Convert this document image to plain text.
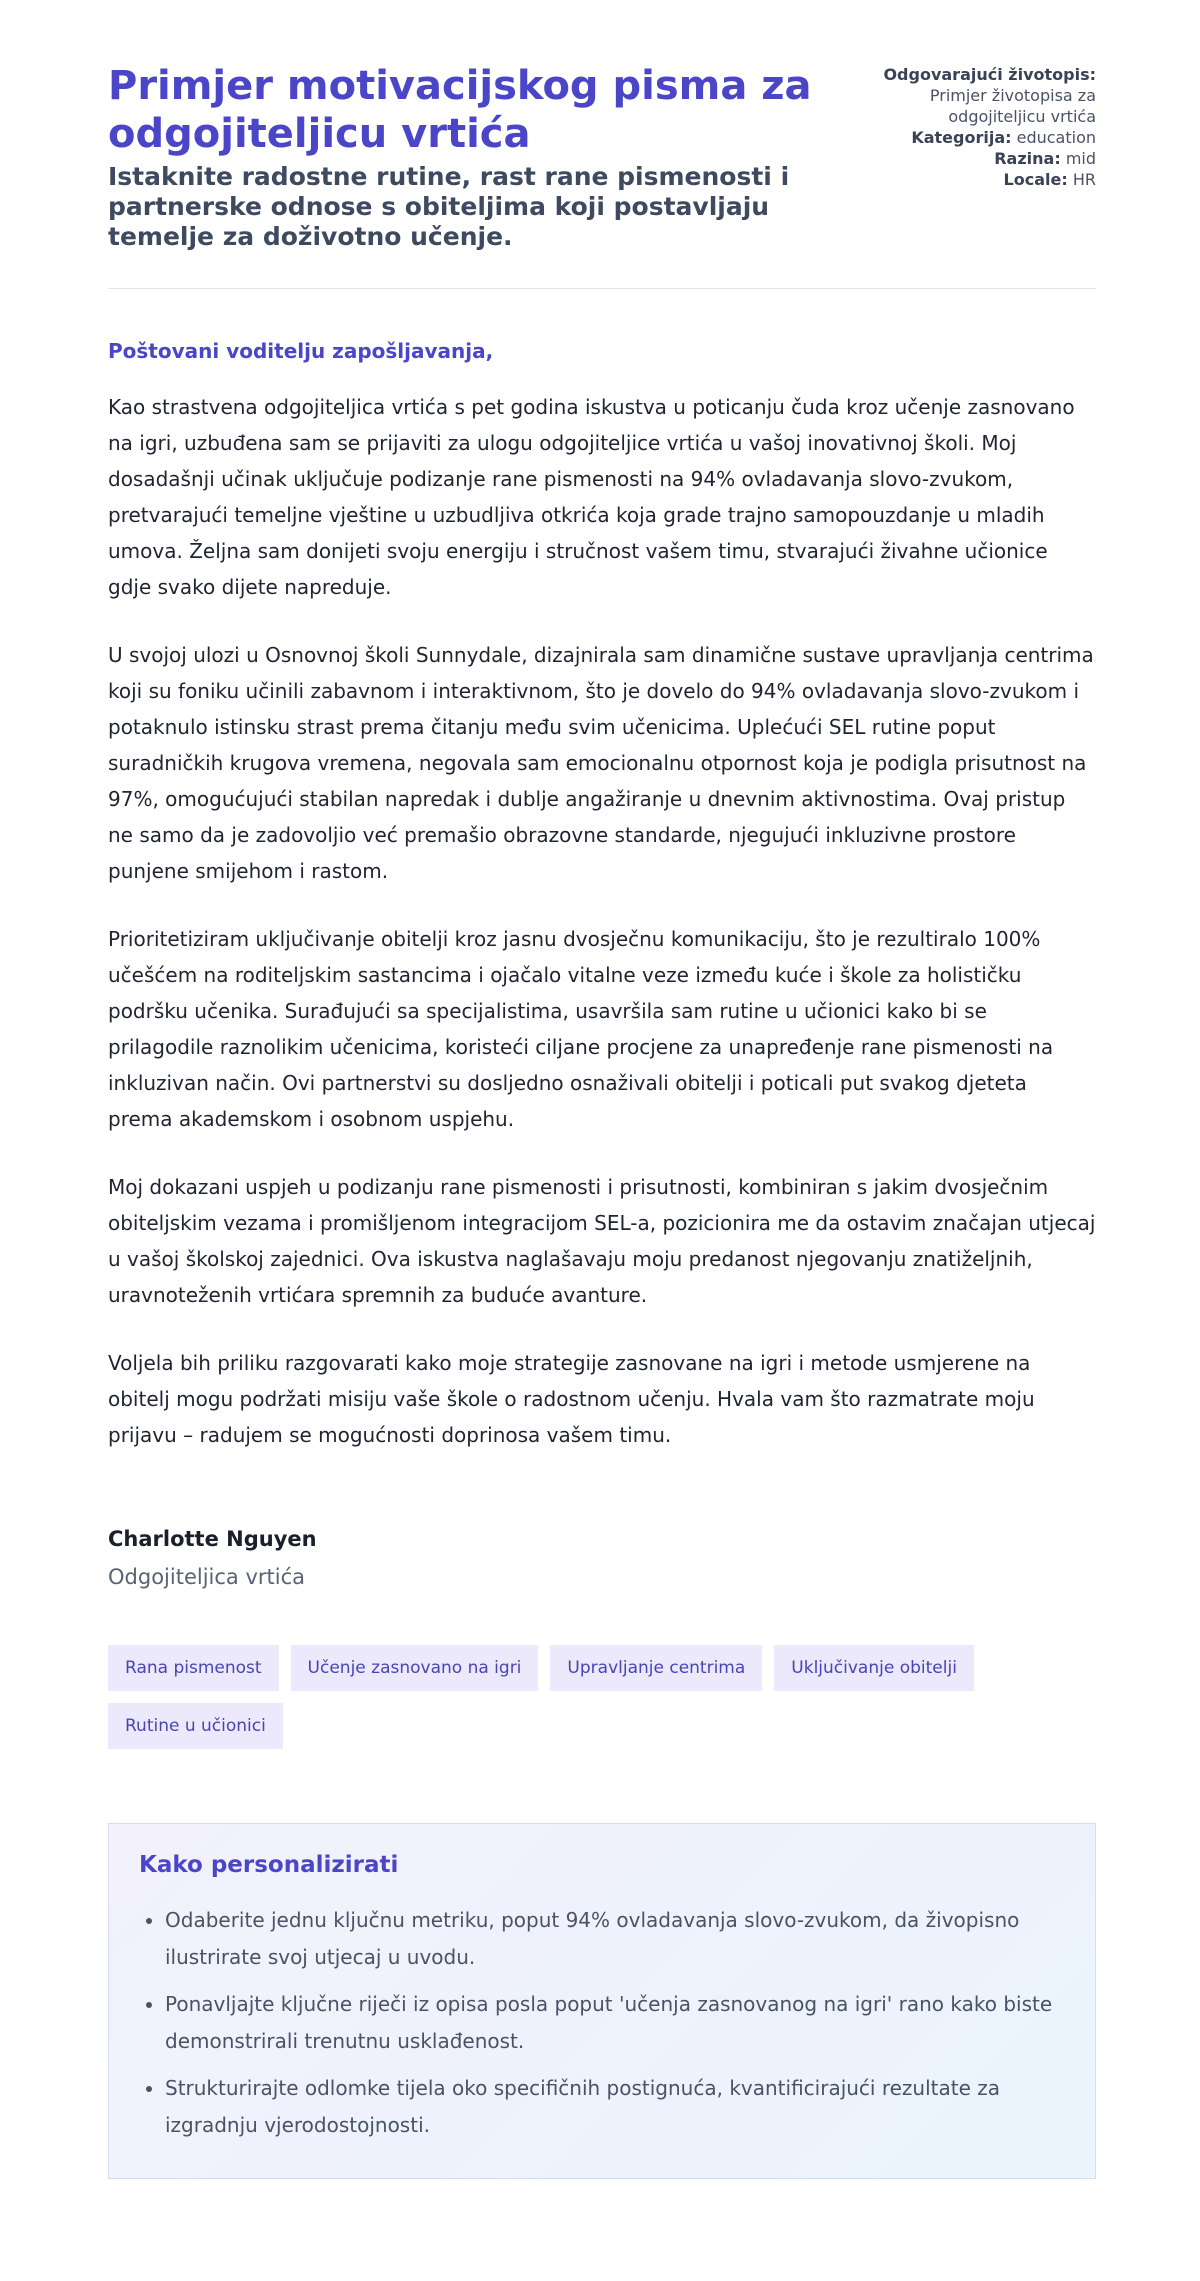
Primjer motivacijskog pisma za odgojiteljicu vrtića
Istaknite radostne rutine, rast rane pismenosti i partnerske odnose s obiteljima koji postavljaju temelje za doživotno učenje.
Odgovarajući životopis:
Primjer životopisa za odgojiteljicu vrtića
Kategorija: education
Razina: mid
Locale: HR

Poštovani voditelju zapošljavanja,

Kao strastvena odgojiteljica vrtića s pet godina iskustva u poticanju čuda kroz učenje zasnovano na igri, uzbuđena sam se prijaviti za ulogu odgojiteljice vrtića u vašoj inovativnoj školi. Moj dosadašnji učinak uključuje podizanje rane pismenosti na 94% ovladavanja slovo-zvukom, pretvarajući temeljne vještine u uzbudljiva otkrića koja grade trajno samopouzdanje u mladih umova. Željna sam donijeti svoju energiju i stručnost vašem timu, stvarajući živahne učionice gdje svako dijete napreduje.

U svojoj ulozi u Osnovnoj školi Sunnydale, dizajnirala sam dinamične sustave upravljanja centrima koji su foniku učinili zabavnom i interaktivnom, što je dovelo do 94% ovladavanja slovo-zvukom i potaknulo istinsku strast prema čitanju među svim učenicima. Uplećući SEL rutine poput suradničkih krugova vremena, negovala sam emocionalnu otpornost koja je podigla prisutnost na 97%, omogućujući stabilan napredak i dublje angažiranje u dnevnim aktivnostima. Ovaj pristup ne samo da je zadovoljio već premašio obrazovne standarde, njegujući inkluzivne prostore punjene smijehom i rastom.

Prioritetiziram uključivanje obitelji kroz jasnu dvosječnu komunikaciju, što je rezultiralo 100% učešćem na roditeljskim sastancima i ojačalo vitalne veze između kuće i škole za holističku podršku učenika. Surađujući sa specijalistima, usavršila sam rutine u učionici kako bi se prilagodile raznolikim učenicima, koristeći ciljane procjene za unapređenje rane pismenosti na inkluzivan način. Ovi partnerstvi su dosljedno osnaživali obitelji i poticali put svakog djeteta prema akademskom i osobnom uspjehu.

Moj dokazani uspjeh u podizanju rane pismenosti i prisutnosti, kombiniran s jakim dvosječnim obiteljskim vezama i promišljenom integracijom SEL-a, pozicionira me da ostavim značajan utjecaj u vašoj školskoj zajednici. Ova iskustva naglašavaju moju predanost njegovanju znatiželjnih, uravnoteženih vrtićara spremnih za buduće avanture.

Voljela bih priliku razgovarati kako moje strategije zasnovane na igri i metode usmjerene na obitelj mogu podržati misiju vaše škole o radostnom učenju. Hvala vam što razmatrate moju prijavu – radujem se mogućnosti doprinosa vašem timu.

Charlotte Nguyen

Odgojiteljica vrtića

Rana pismenost	Učenje zasnovano na igri	Upravljanje centrima	Uključivanje obitelji
Rutine u učionici
Kako personalizirati
• Odaberite jednu ključnu metriku, poput 94% ovladavanja slovo-zvukom, da živopisno ilustrirate svoj utjecaj u uvodu.
• Ponavljajte ključne riječi iz opisa posla poput 'učenja zasnovanog na igri' rano kako biste demonstrirali trenutnu usklađenost.
• Strukturirajte odlomke tijela oko specifičnih postignuća, kvantificirajući rezultate za izgradnju vjerodostojnosti.
